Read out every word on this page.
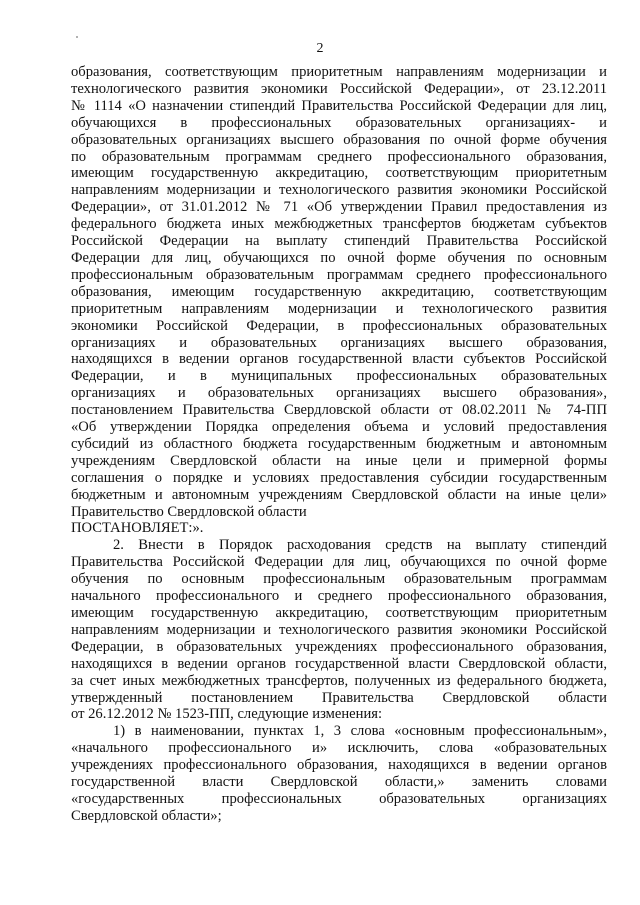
2
образования, соответствующим приоритетным направлениям модернизации и
технологического развития экономики Российской Федерации», от 23.12.2011
№ 1114 «О назначении стипендий Правительства Российской Федерации для лиц,
обучающихся в профессиональных образовательных организациях- и
образовательных организациях высшего образования по очной форме обучения
по образовательным программам среднего профессионального образования,
имеющим государственную аккредитацию, соответствующим приоритетным
направлениям модернизации и технологического развития экономики Российской
Федерации», от 31.01.2012 № 71 «Об утверждении Правил предоставления из
федерального бюджета иных межбюджетных трансфертов бюджетам субъектов
Российской Федерации на выплату стипендий Правительства Российской
Федерации для лиц, обучающихся по очной форме обучения по основным
профессиональным образовательным программам среднего профессионального
образования, имеющим государственную аккредитацию, соответствующим
приоритетным направлениям модернизации и технологического развития
экономики Российской Федерации, в профессиональных образовательных
организациях и образовательных организациях высшего образования,
находящихся в ведении органов государственной власти субъектов Российской
Федерации, и в муниципальных профессиональных образовательных
организациях и образовательных организациях высшего образования»,
постановлением Правительства Свердловской области от 08.02.2011 № 74-ПП
«Об утверждении Порядка определения объема и условий предоставления
субсидий из областного бюджета государственным бюджетным и автономным
учреждениям Свердловской области на иные цели и примерной формы
соглашения о порядке и условиях предоставления субсидии государственным
бюджетным и автономным учреждениям Свердловской области на иные цели»
Правительство Свердловской области
ПОСТАНОВЛЯЕТ:».
2. Внести в Порядок расходования средств на выплату стипендий
Правительства Российской Федерации для лиц, обучающихся по очной форме
обучения по основным профессиональным образовательным программам
начального профессионального и среднего профессионального образования,
имеющим государственную аккредитацию, соответствующим приоритетным
направлениям модернизации и технологического развития экономики Российской
Федерации, в образовательных учреждениях профессионального образования,
находящихся в ведении органов государственной власти Свердловской области,
за счет иных межбюджетных трансфертов, полученных из федерального бюджета,
утвержденный постановлением Правительства Свердловской области
от 26.12.2012 № 1523-ПП, следующие изменения:
1) в наименовании, пунктах 1, 3 слова «основным профессиональным»,
«начального профессионального и» исключить, слова «образовательных
учреждениях профессионального образования, находящихся в ведении органов
государственной власти Свердловской области,» заменить словами
«государственных профессиональных образовательных организациях
Свердловской области»;
